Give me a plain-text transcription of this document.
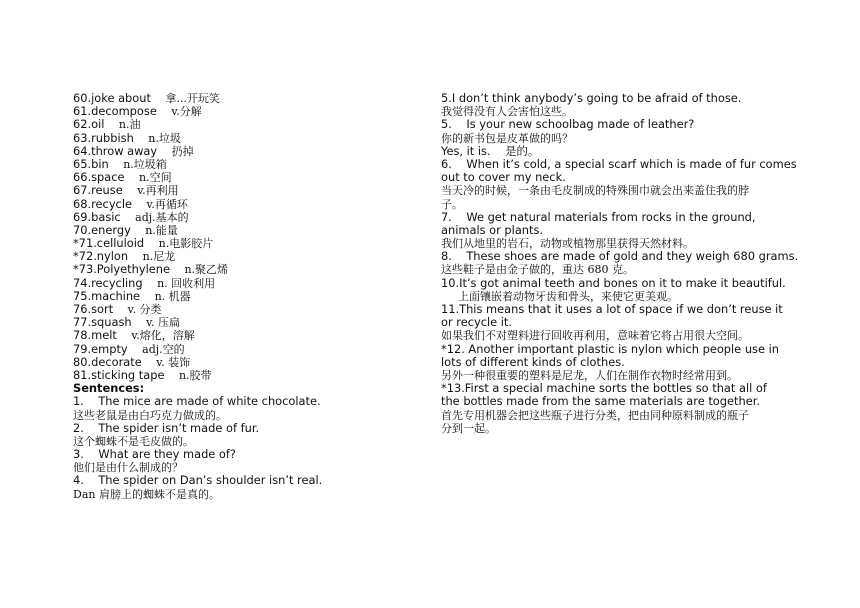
60.joke about 拿...开玩笑
61.decompose v.分解
62.oil n.油
63.rubbish n.垃圾
64.throw away 扔掉
65.bin n.垃圾箱
66.space n.空间
67.reuse v.再利用
68.recycle v.再循环
69.basic adj.基本的
70.energy n.能量
*71.celluloid n.电影胶片
*72.nylon n.尼龙
*73.Polyethylene n.聚乙烯
74.recycling n. 回收利用
75.machine n. 机器
76.sort v. 分类
77.squash v. 压扁
78.melt v.熔化，溶解
79.empty adj.空的
80.decorate v. 装饰
81.sticking tape n.胶带
Sentences:
1.    The mice are made of white chocolate.
这些老鼠是由白巧克力做成的。
2.    The spider isn’t made of fur.
这个蜘蛛不是毛皮做的。
3.    What are they made of?
他们是由什么制成的？
4.    The spider on Dan’s shoulder isn’t real.
Dan 肩膀上的蜘蛛不是真的。
5.I don’t think anybody’s going to be afraid of those.
我觉得没有人会害怕这些。
5.    Is your new schoolbag made of leather?
你的新书包是皮革做的吗？
Yes, it is.    是的。
6.    When it’s cold, a special scarf which is made of fur comes
out to cover my neck.
当天冷的时候，一条由毛皮制成的特殊围巾就会出来盖住我的脖
子。
7.    We get natural materials from rocks in the ground,
animals or plants.
我们从地里的岩石，动物或植物那里获得天然材料。
8.    These shoes are made of gold and they weigh 680 grams.
这些鞋子是由金子做的，重达 680 克。
10.It’s got animal teeth and bones on it to make it beautiful.
上面镶嵌着动物牙齿和骨头，来使它更美观。
11.This means that it uses a lot of space if we don’t reuse it
or recycle it.
如果我们不对塑料进行回收再利用，意味着它将占用很大空间。
*12. Another important plastic is nylon which people use in
lots of different kinds of clothes.
另外一种很重要的塑料是尼龙，人们在制作衣物时经常用到。
*13.First a special machine sorts the bottles so that all of
the bottles made from the same materials are together.
首先专用机器会把这些瓶子进行分类，把由同种原料制成的瓶子
分到一起。
